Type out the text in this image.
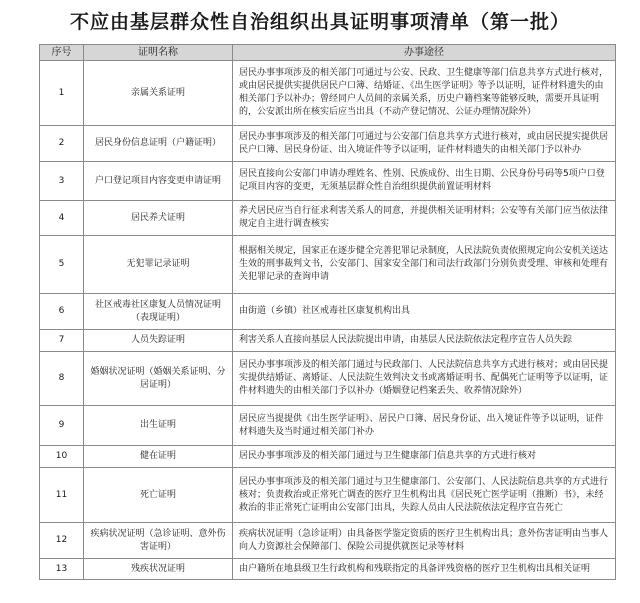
不应由基层群众性自治组织出具证明事项清单（第一批）
序号	证明名称	办事途径
1	亲属关系证明	居民办事事项涉及的相关部门可通过与公安、民政、卫生健康等部门信息共享方式进行核对，或由居民提供实提供居民户口簿、结婚证、《出生医学证明》等予以证明，证件材料遗失的由相关部门予以补办；曾经同户人员间的亲属关系，历史户籍档案等能够反映，需要开具证明的，公安派出所在核实后应当出具（不动产登记情况、公证办理情况除外）
2	居民身份信息证明（户籍证明）	居民办事事项涉及的相关部门可通过与公安部门信息共享方式进行核对，或由居民提实提供居民户口簿、居民身份证、出入境证件等予以证明，证件材料遗失的由相关部门予以补办
3	户口登记项目内容变更申请证明	居民直接向公安部门申请办理姓名、性别、民族成份、出生日期、公民身份号码等5项户口登记项目内容的变更，无须基层群众性自治组织提供前置证明材料
4	居民养犬证明	养犬居民应当自行征求利害关系人的同意，并提供相关证明材料；公安等有关部门应当依法律规定自主进行调查核实
5	无犯罪记录证明	根据相关规定，国家正在逐步健全完善犯罪记录制度，人民法院负责依照规定向公安机关送达生效的刑事裁判文书，公安部门、国家安全部门和司法行政部门分别负责受理、审核和处理有关犯罪记录的查询申请
6	社区戒毒社区康复人员情况证明（表现证明）	由街道（乡镇）社区戒毒社区康复机构出具
7	人员失踪证明	利害关系人直接向基层人民法院提出申请，由基层人民法院依法定程序宣告人员失踪
8	婚姻状况证明（婚姻关系证明、分居证明）	居民办事事项涉及的相关部门通过与民政部门、人民法院信息共享方式进行核对；或由居民提实提供结婚证、离婚证、人民法院生效判决文书或离婚证明书、配偶死亡证明等予以证明，证件材料遗失的由相关部门予以补办（婚姻登记档案丢失、收养情况除外）
9	出生证明	居民应当提提供《出生医学证明》、居民户口簿、居民身份证、出入境证件等予以证明，证件材料遗失及当时通过相关部门补办
10	健在证明	居民办事事项涉及的相关部门通过与卫生健康部门信息共享的方式进行核对
11	死亡证明	居民办事事项涉及的相关部门通过与卫生健康部门、公安部门、人民法院信息共享的方式进行核对；负责救治或正常死亡调查的医疗卫生机构出具《居民死亡医学证明（推断）书》，未经救治的非正常死亡证明由公安部门出具，失踪人员由人民法院依法定程序宣告死亡
12	疾病状况证明（急诊证明、意外伤害证明）	疾病状况证明（急诊证明）由具备医学鉴定资质的医疗卫生机构出具；意外伤害证明由当事人向人力资源社会保障部门、保险公司提供就医记录等材料
13	残疾状况证明	由户籍所在地县级卫生行政机构和残联指定的具备评残资格的医疗卫生机构出具相关证明
